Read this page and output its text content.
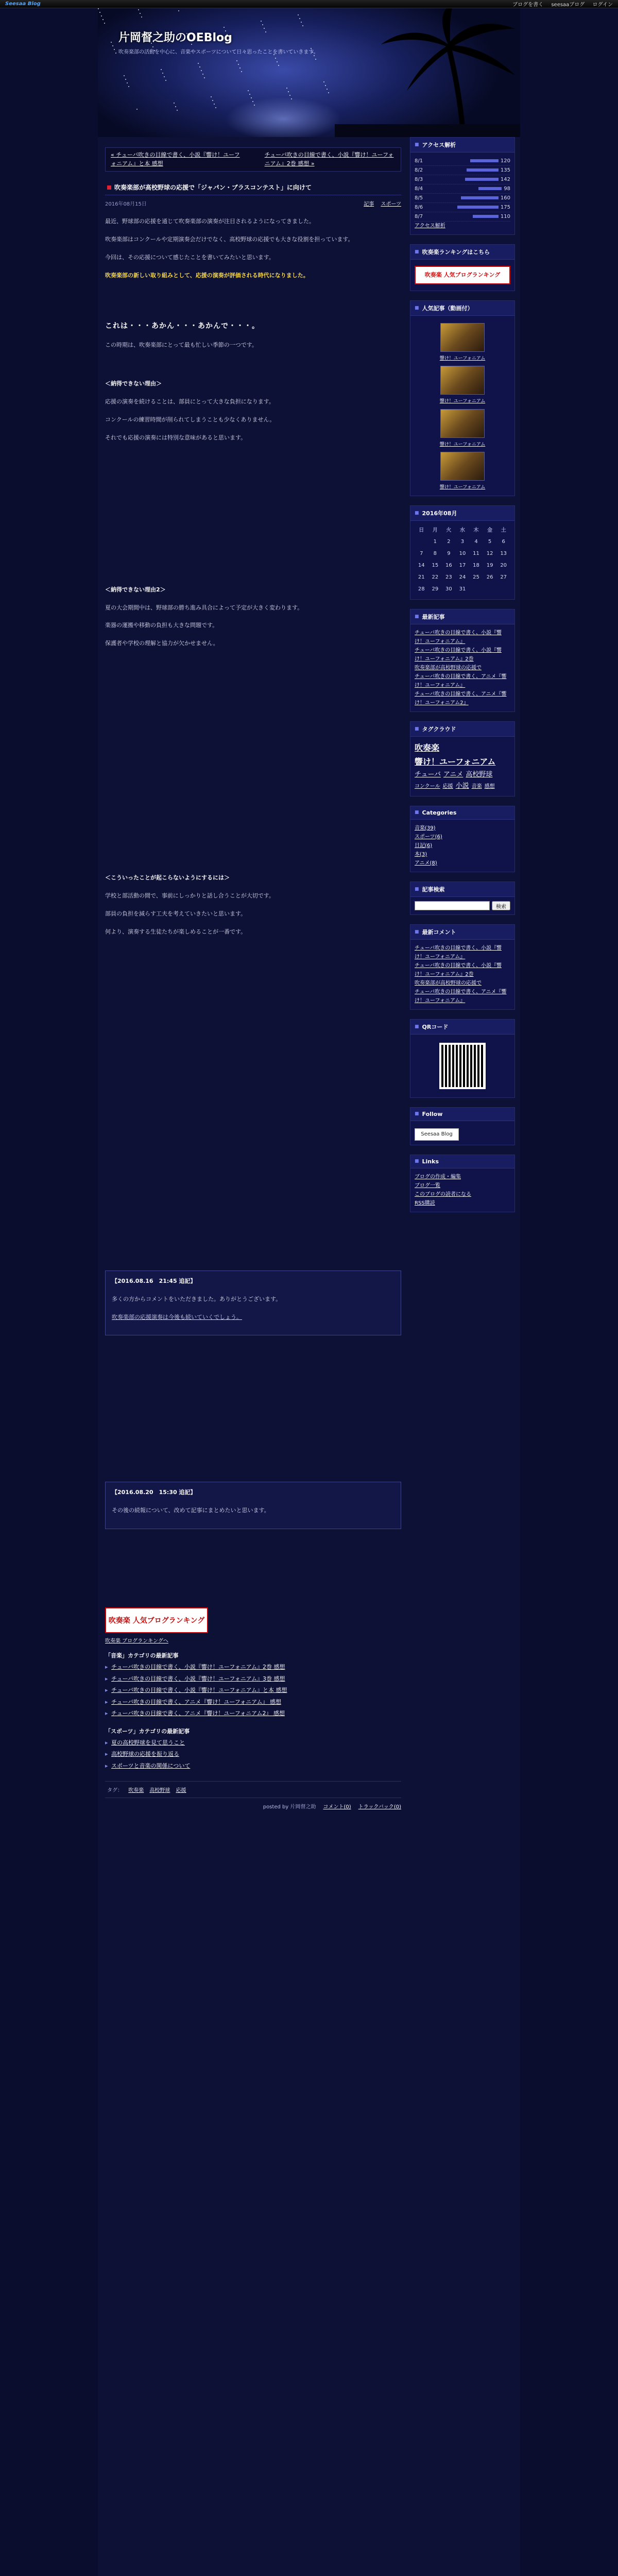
Seesaa Blog	ブログを書く seesaaブログ ログイン
片岡督之助のOEBlog
吹奏楽部の活動を中心に、音楽やスポーツについて日々思ったことを書いていきます。
« チューバ吹きの目線で書く、小説『響け！ユーフォニアム』と本 感想
チューバ吹きの目線で書く、小説『響け！ユーフォニアム』2巻 感想 »
吹奏楽部が高校野球の応援で「ジャパン・ブラスコンテスト」に向けて
2016年08月15日	記事 スポーツ

最近、野球部の応援を通じて吹奏楽部の演奏が注目されるようになってきました。

吹奏楽部はコンクールや定期演奏会だけでなく、高校野球の応援でも大きな役割を担っています。

今回は、その応援について感じたことを書いてみたいと思います。

吹奏楽部の新しい取り組みとして、応援の演奏が評価される時代になりました。

これは・・・あかん・・・あかんで・・・。

この時期は、吹奏楽部にとって最も忙しい季節の一つです。

＜納得できない理由＞

応援の演奏を続けることは、部員にとって大きな負担になります。

コンクールの練習時間が削られてしまうことも少なくありません。

それでも応援の演奏には特別な意味があると思います。

＜納得できない理由2＞

夏の大会期間中は、野球部の勝ち進み具合によって予定が大きく変わります。

楽器の運搬や移動の負担も大きな問題です。

保護者や学校の理解と協力が欠かせません。

＜こういったことが起こらないようにするには＞

学校と部活動の間で、事前にしっかりと話し合うことが大切です。

部員の負担を減らす工夫を考えていきたいと思います。

何より、演奏する生徒たちが楽しめることが一番です。

【2016.08.16　21:45 追記】

多くの方からコメントをいただきました。ありがとうございます。

吹奏楽部の応援演奏は今後も続いていくでしょう。

【2016.08.20　15:30 追記】

その後の続報について、改めて記事にまとめたいと思います。

吹奏楽 人気ブログランキング
吹奏楽 ブログランキングへ
「音楽」カテゴリの最新記事
▸ チューバ吹きの目線で書く、小説『響け！ユーフォニアム』2巻 感想
▸ チューバ吹きの目線で書く、小説『響け！ユーフォニアム』3巻 感想
▸ チューバ吹きの目線で書く、小説『響け！ユーフォニアム』と本 感想
▸ チューバ吹きの目線で書く、アニメ『響け！ユーフォニアム』 感想
▸ チューバ吹きの目線で書く、アニメ『響け！ユーフォニアム2』 感想
「スポーツ」カテゴリの最新記事
▸ 夏の高校野球を見て思うこと
▸ 高校野球の応援を振り返る
▸ スポーツと音楽の関係について
タグ： 吹奏楽 高校野球 応援
posted by 片岡督之助 コメント(0) トラックバック(0)
■ アクセス解析
8/1	120
8/2	135
8/3	142
8/4	98
8/5	160
8/6	175
8/7	110
アクセス解析
■ 吹奏楽ランキングはこちら
吹奏楽 人気ブログランキング
■ 人気記事（動画付）
響け！ユーフォニアム
響け！ユーフォニアム
響け！ユーフォニアム
響け！ユーフォニアム
■ 2016年08月
日	月	火	水	木	金	土
	1	2	3	4	5	6
7	8	9	10	11	12	13
14	15	16	17	18	19	20
21	22	23	24	25	26	27
28	29	30	31			
■ 最新記事
チューバ吹きの目線で書く、小説『響け！ユーフォニアム』
チューバ吹きの目線で書く、小説『響け！ユーフォニアム』2巻
吹奏楽部が高校野球の応援で
チューバ吹きの目線で書く、アニメ『響け！ユーフォニアム』
チューバ吹きの目線で書く、アニメ『響け！ユーフォニアム2』
■ タグクラウド
吹奏楽響け！ユーフォニアムチューバ アニメ 高校野球コンクール 応援 小説 音楽 感想
■ Categories
音楽(39)
スポーツ(6)
日記(6)
本(3)
アニメ(8)
■ 記事検索
検索
■ 最新コメント
チューバ吹きの目線で書く、小説『響け！ユーフォニアム』
チューバ吹きの目線で書く、小説『響け！ユーフォニアム』2巻
吹奏楽部が高校野球の応援で
チューバ吹きの目線で書く、アニメ『響け！ユーフォニアム』
■ QRコード
■ Follow
Seesaa Blog
■ Links
ブログの作成・編集
ブログ一覧
このブログの読者になる
RSS購読
